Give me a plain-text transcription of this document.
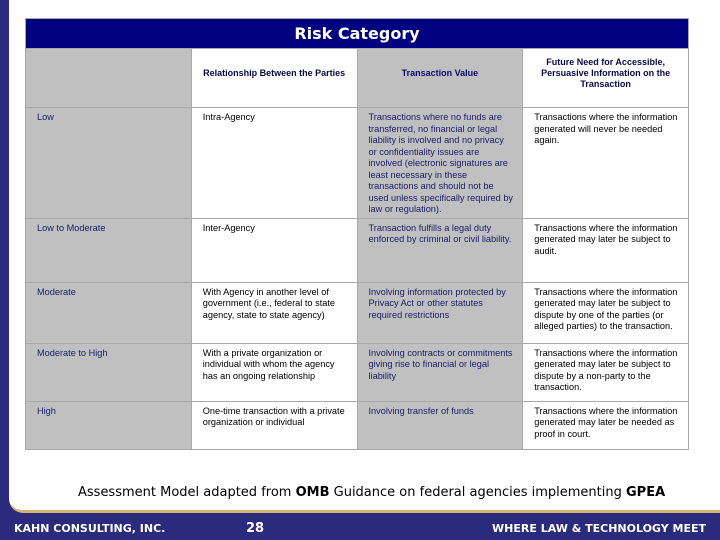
Risk Category			
	Relationship Between the Parties	Transaction Value	Future Need for Accessible, Persuasive Information on the Transaction
Low	Intra-Agency	Transactions where no funds are transferred, no financial or legal liability is involved and no privacy or confidentiality issues are involved (electronic signatures are least necessary in these transactions and should not be used unless specifically required by law or regulation).	Transactions where the information generated will never be needed again.
Low to Moderate	Inter-Agency	Transaction fulfills a legal duty enforced by criminal or civil liability.	Transactions where the information generated may later be subject to audit.
Moderate	With Agency in another level of government (i.e., federal to state agency, state to state agency)	Involving information protected by Privacy Act or other statutes required restrictions	Transactions where the information generated may later be subject to dispute by one of the parties (or alleged parties) to the transaction.
Moderate to High	With a private organization or individual with whom the agency has an ongoing relationship	Involving contracts or commitments giving rise to financial or legal liability	Transactions where the information generated may later be subject to dispute by a non-party to the transaction.
High	One-time transaction with a private organization or individual	Involving transfer of funds	Transactions where the information generated may later be needed as proof in court.
Assessment Model adapted from OMB Guidance on federal agencies implementing GPEA
KAHN CONSULTING, INC.	28	WHERE LAW & TECHNOLOGY MEET
